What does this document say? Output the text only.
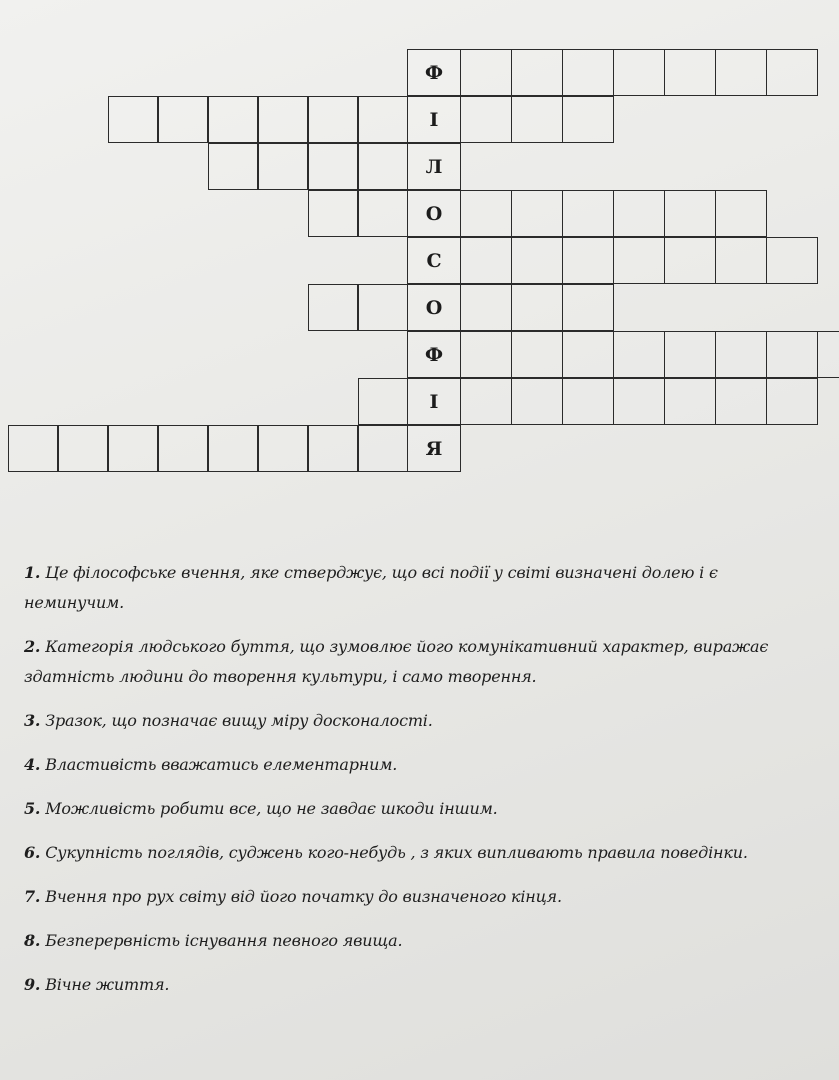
Ф
І
Л
О
С
О
Ф
І
Я
1. Це філософське вчення, яке стверджує, що всі події у світі визначені долею і є
неминучим.
2. Категорія людського буття, що зумовлює його комунікативний характер, виражає
здатність людини до творення культури, і само творення.
3. Зразок, що позначає вищу міру досконалості.
4. Властивість вважатись елементарним.
5. Можливість робити все, що не завдає шкоди іншим.
6. Сукупність поглядів, суджень кого-небудь , з яких випливають правила поведінки.
7. Вчення про рух світу від його початку до визначеного кінця.
8. Безперервність існування певного явища.
9. Вічне життя.
